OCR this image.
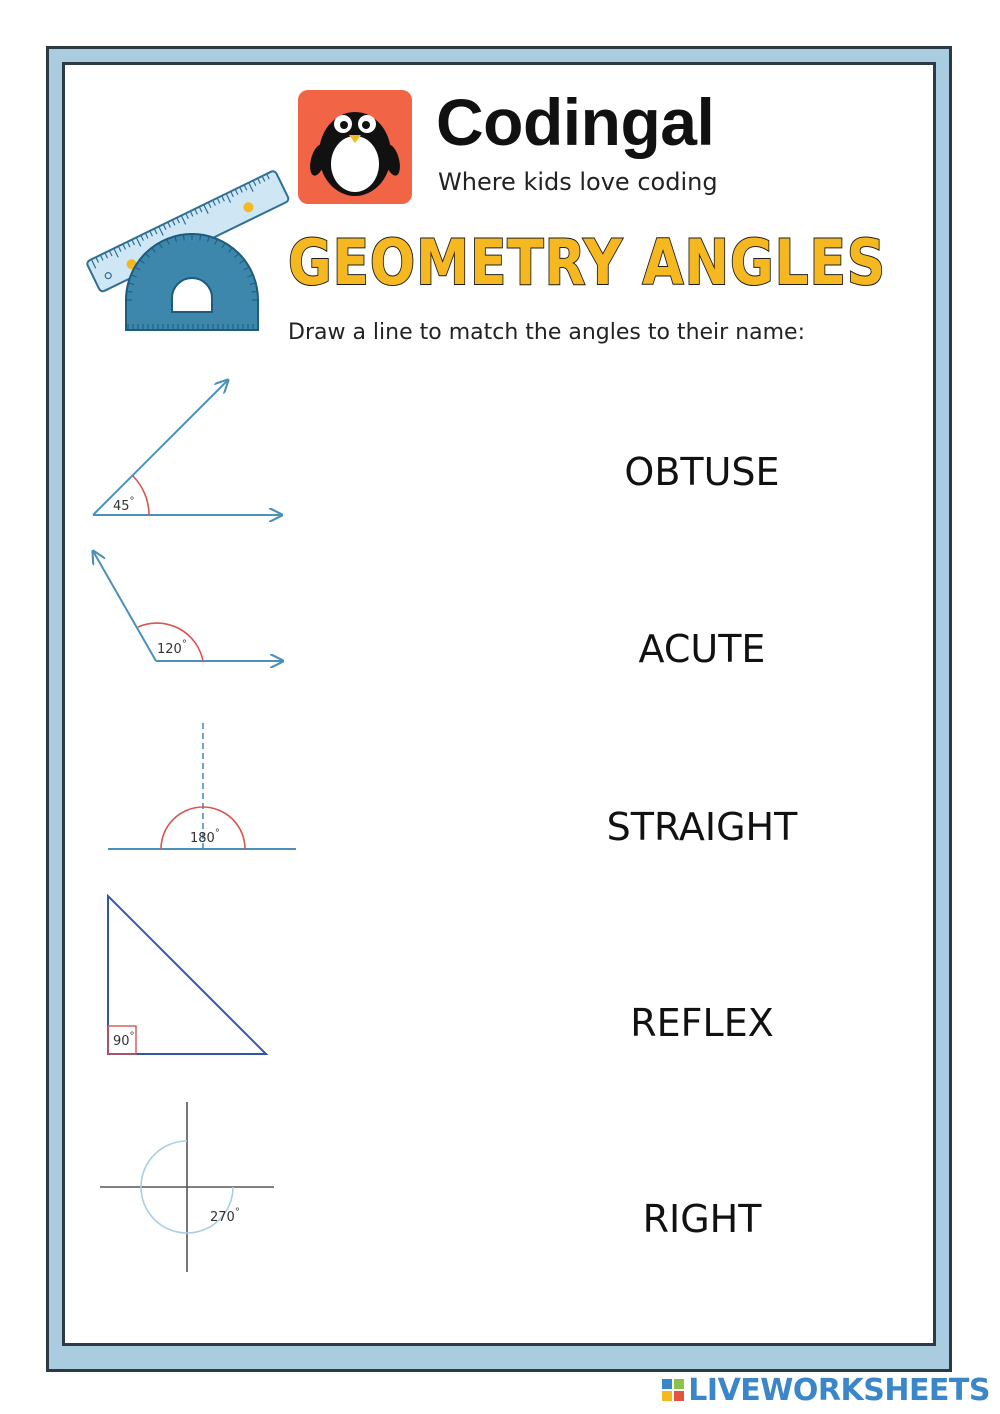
Codingal
Where kids love coding
GEOMETRY ANGLES
Draw a line to match the angles to their name:
45°
120°
180°
90°
270°
OBTUSE
ACUTE
STRAIGHT
REFLEX
RIGHT
LIVEWORKSHEETS
